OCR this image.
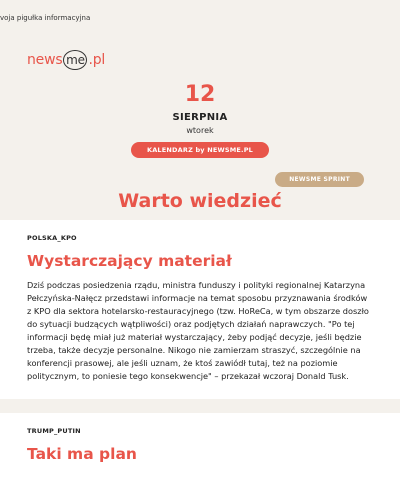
voja pigułka informacyjna
news me .pl
12
SIERPNIA
wtorek
KALENDARZ by NEWSME.PL
NEWSME SPRINT
Warto wiedzieć
POLSKA_KPO
Wystarczający materiał
Dziś podczas posiedzenia rządu, ministra funduszy i polityki regionalnej Katarzyna Pełczyńska-Nałęcz przedstawi informacje na temat sposobu przyznawania środków z KPO dla sektora hotelarsko-restauracyjnego (tzw. HoReCa, w tym obszarze doszło do sytuacji budzących wątpliwości) oraz podjętych działań naprawczych. "Po tej informacji będę miał już materiał wystarczający, żeby podjąć decyzje, jeśli będzie trzeba, także decyzje personalne. Nikogo nie zamierzam straszyć, szczególnie na konferencji prasowej, ale jeśli uznam, że ktoś zawiódł tutaj, też na poziomie politycznym, to poniesie tego konsekwencje" – przekazał wczoraj Donald Tusk.
TRUMP_PUTIN
Taki ma plan
